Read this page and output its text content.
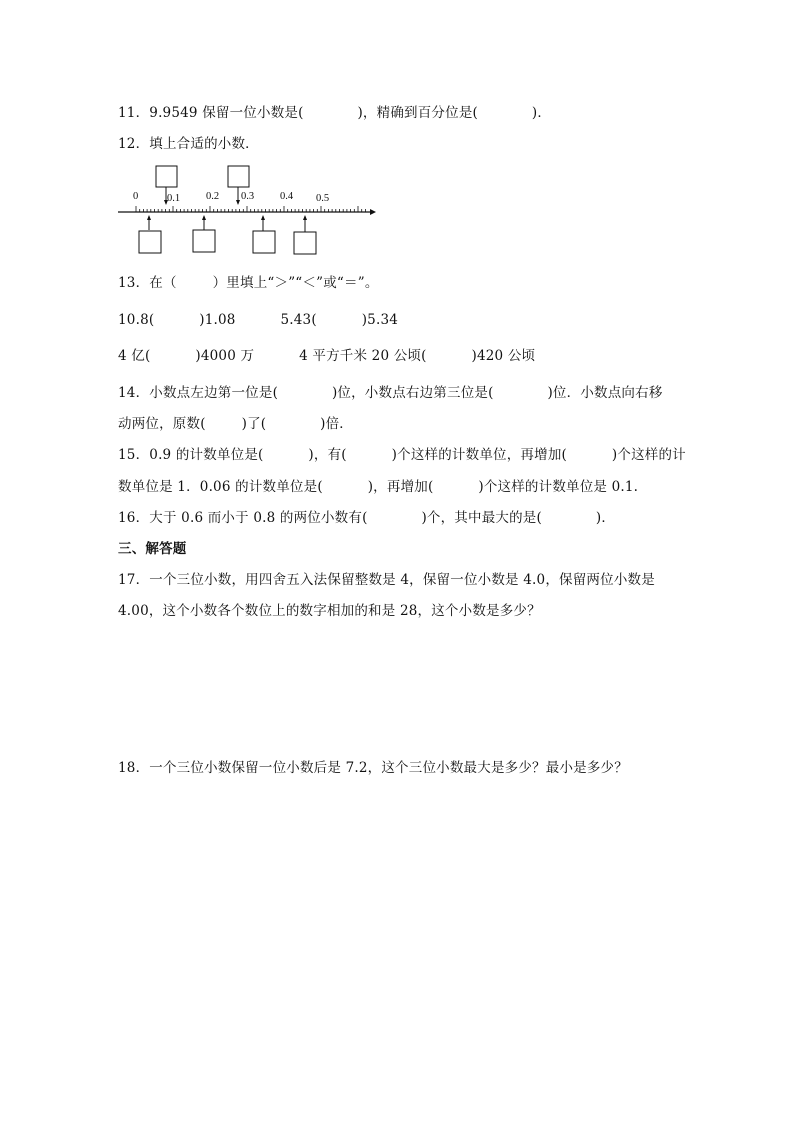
11．9.9549 保留一位小数是(            )，精确到百分位是(            )．
12．填上合适的小数．
0	0.1 0.2 0.3 0.4 0.5
13．在（        ）里填上“＞”“＜”或“＝”。
10.8(          )1.08          5.43(          )5.34
4 亿(          )4000 万          4 平方千米 20 公顷(          )420 公顷
14．小数点左边第一位是(            )位，小数点右边第三位是(            )位．小数点向右移
动两位，原数(        )了(            )倍．
15．0.9 的计数单位是(          )，有(          )个这样的计数单位，再增加(          )个这样的计
数单位是 1．0.06 的计数单位是(          )，再增加(          )个这样的计数单位是 0.1.
16．大于 0.6 而小于 0.8 的两位小数有(            )个，其中最大的是(            )．
三、解答题
17．一个三位小数，用四舍五入法保留整数是 4，保留一位小数是 4.0，保留两位小数是
4.00，这个小数各个数位上的数字相加的和是 28，这个小数是多少？
18．一个三位小数保留一位小数后是 7.2，这个三位小数最大是多少？最小是多少？
